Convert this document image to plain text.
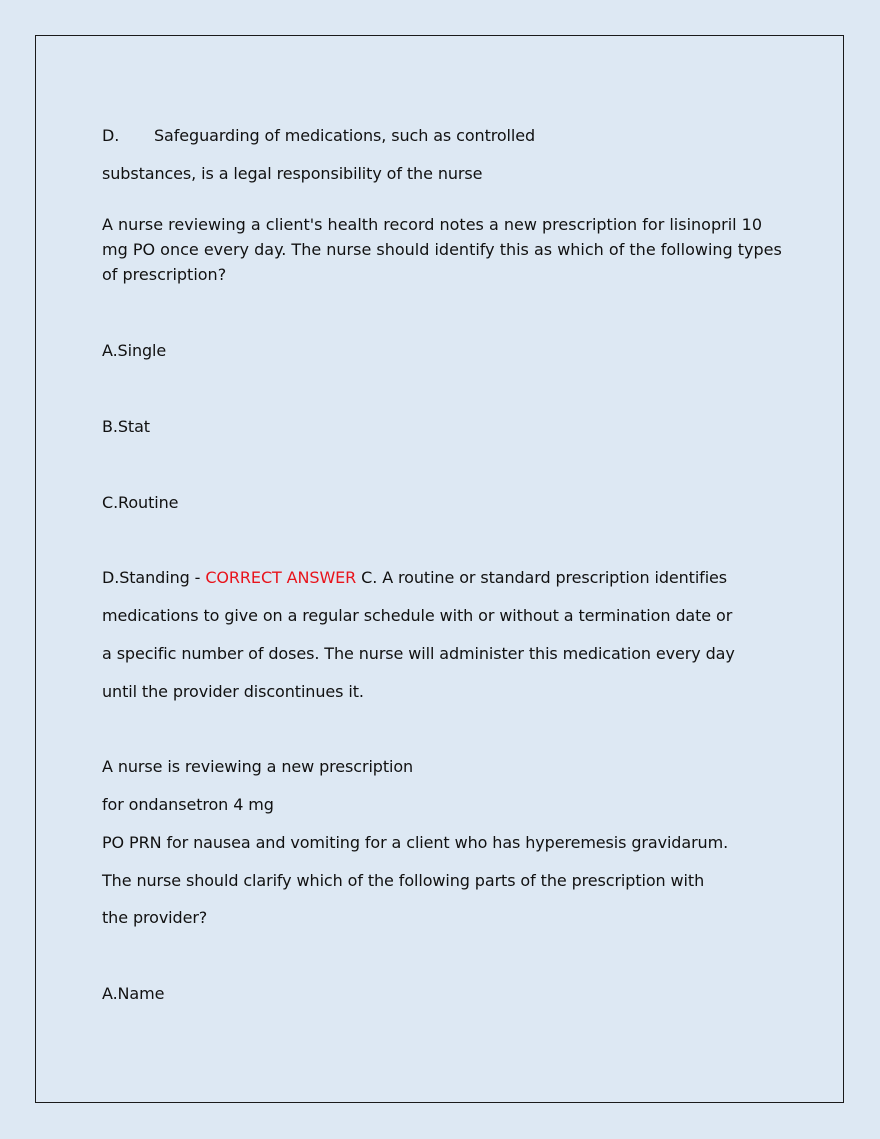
D. Safeguarding of medications, such as controlled

substances, is a legal responsibility of the nurse

A nurse reviewing a client's health record notes a new prescription for lisinopril 10 mg PO once every day. The nurse should identify this as which of the following types of prescription?

A.Single

B.Stat

C.Routine

D.Standing - CORRECT ANSWER C. A routine or standard prescription identifies

medications to give on a regular schedule with or without a termination date or

a specific number of doses. The nurse will administer this medication every day

until the provider discontinues it.

A nurse is reviewing a new prescription

for ondansetron 4 mg

PO PRN for nausea and vomiting for a client who has hyperemesis gravidarum.

The nurse should clarify which of the following parts of the prescription with

the provider?

A.Name
